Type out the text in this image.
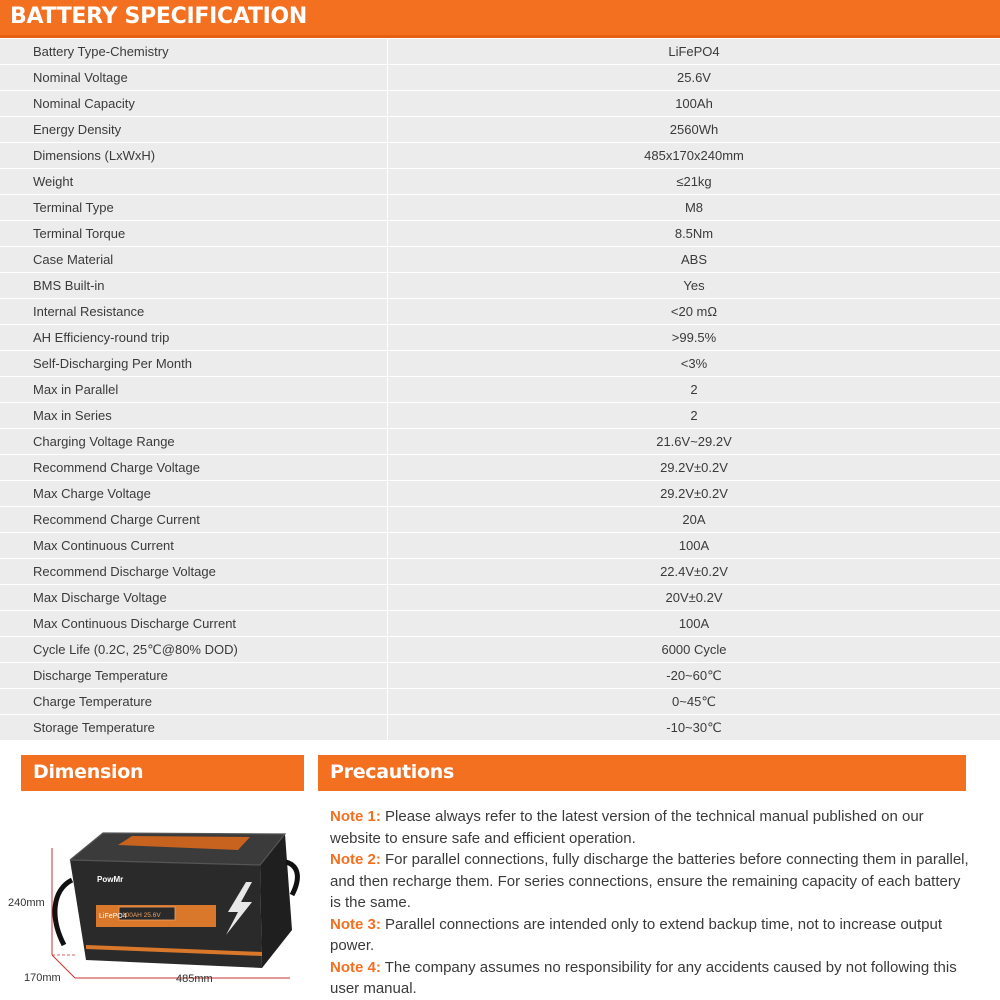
BATTERY SPECIFICATION
Battery Type-Chemistry	LiFePO4
Nominal Voltage	25.6V
Nominal Capacity	100Ah
Energy Density	2560Wh
Dimensions (LxWxH)	485x170x240mm
Weight	≤21kg
Terminal Type	M8
Terminal Torque	8.5Nm
Case Material	ABS
BMS Built-in	Yes
Internal Resistance	<20 mΩ
AH Efficiency-round trip	>99.5%
Self-Discharging Per Month	<3%
Max in Parallel	2
Max in Series	2
Charging Voltage Range	21.6V~29.2V
Recommend Charge Voltage	29.2V±0.2V
Max Charge Voltage	29.2V±0.2V
Recommend Charge Current	20A
Max Continuous Current	100A
Recommend Discharge Voltage	22.4V±0.2V
Max Discharge Voltage	20V±0.2V
Max Continuous Discharge Current	100A
Cycle Life (0.2C, 25℃@80% DOD)	6000 Cycle
Discharge Temperature	-20~60℃
Charge Temperature	0~45℃
Storage Temperature	-10~30℃
Dimension
PowMr
LiFePO4
100AH 25.6V
240mm
170mm	485mm
Precautions

Note 1: Please always refer to the latest version of the technical manual published on our website to ensure safe and efficient operation.

Note 2: For parallel connections, fully discharge the batteries before connecting them in parallel, and then recharge them. For series connections, ensure the remaining capacity of each battery is the same.

Note 3: Parallel connections are intended only to extend backup time, not to increase output power.

Note 4: The company assumes no responsibility for any accidents caused by not following this user manual.
